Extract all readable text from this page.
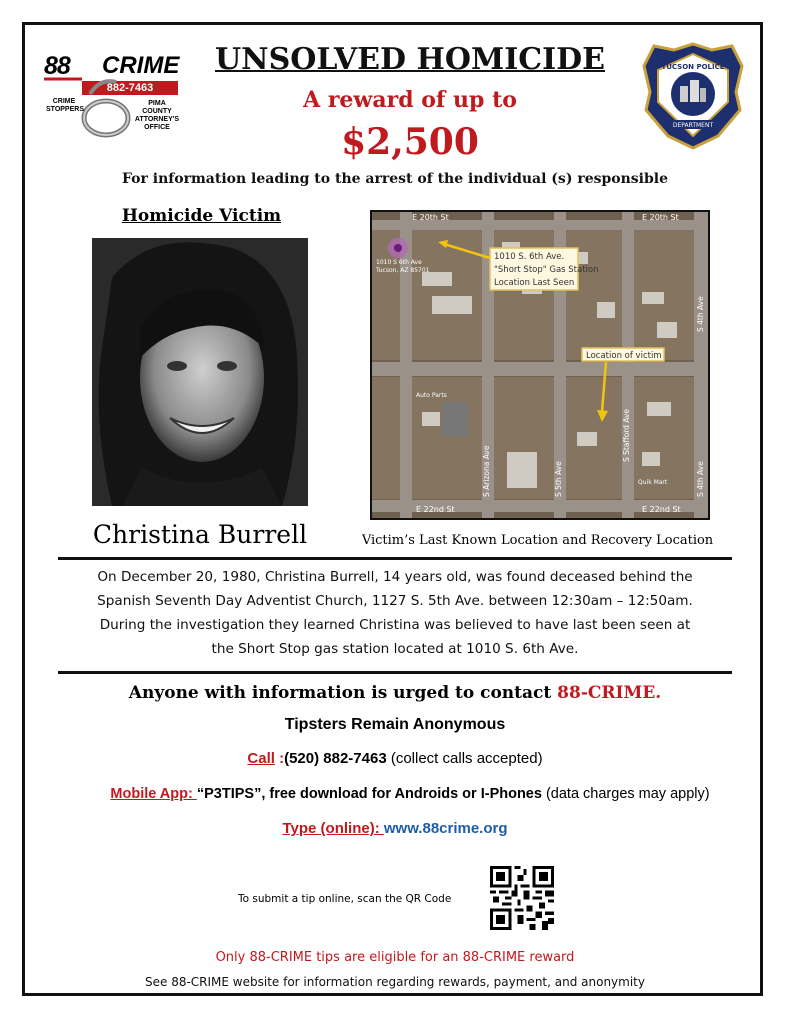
88 CRIME
882-7463
CRIME STOPPERS
PIMA COUNTY ATTORNEY'S OFFICE	DEPARTMENT
TUCSON POLICE
UNSOLVED HOMICIDE
A reward of up to
$2,500
For information leading to the arrest of the individual (s) responsible
Homicide Victim
Christina Burrell
1010 S. 6th Ave.
"Short Stop" Gas Station
Location Last Seen
Location of victim
E 20th St	E 20th St
E 22nd St	E 22nd St
1010 S 6th Ave
Tucson, AZ 85701
Auto Parts
Quik Mart
S 4th Ave
S 4th Ave
S 5th Ave
S Arizona Ave
S Stafford Ave
Victim’s Last Known Location and Recovery Location
On December 20, 1980, Christina Burrell, 14 years old, was found deceased behind the
Spanish Seventh Day Adventist Church, 1127 S. 5th Ave. between 12:30am – 12:50am.
During the investigation they learned Christina was believed to have last been seen at
the Short Stop gas station located at 1010 S. 6th Ave.
Anyone with information is urged to contact 88-CRIME.
Tipsters Remain Anonymous
Call :(520) 882-7463 (collect calls accepted)
Mobile App: “P3TIPS”, free download for Androids or I-Phones (data charges may apply)
Type (online): www.88crime.org
To submit a tip online, scan the QR Code
Only 88-CRIME tips are eligible for an 88-CRIME reward
See 88-CRIME website for information regarding rewards, payment, and anonymity
